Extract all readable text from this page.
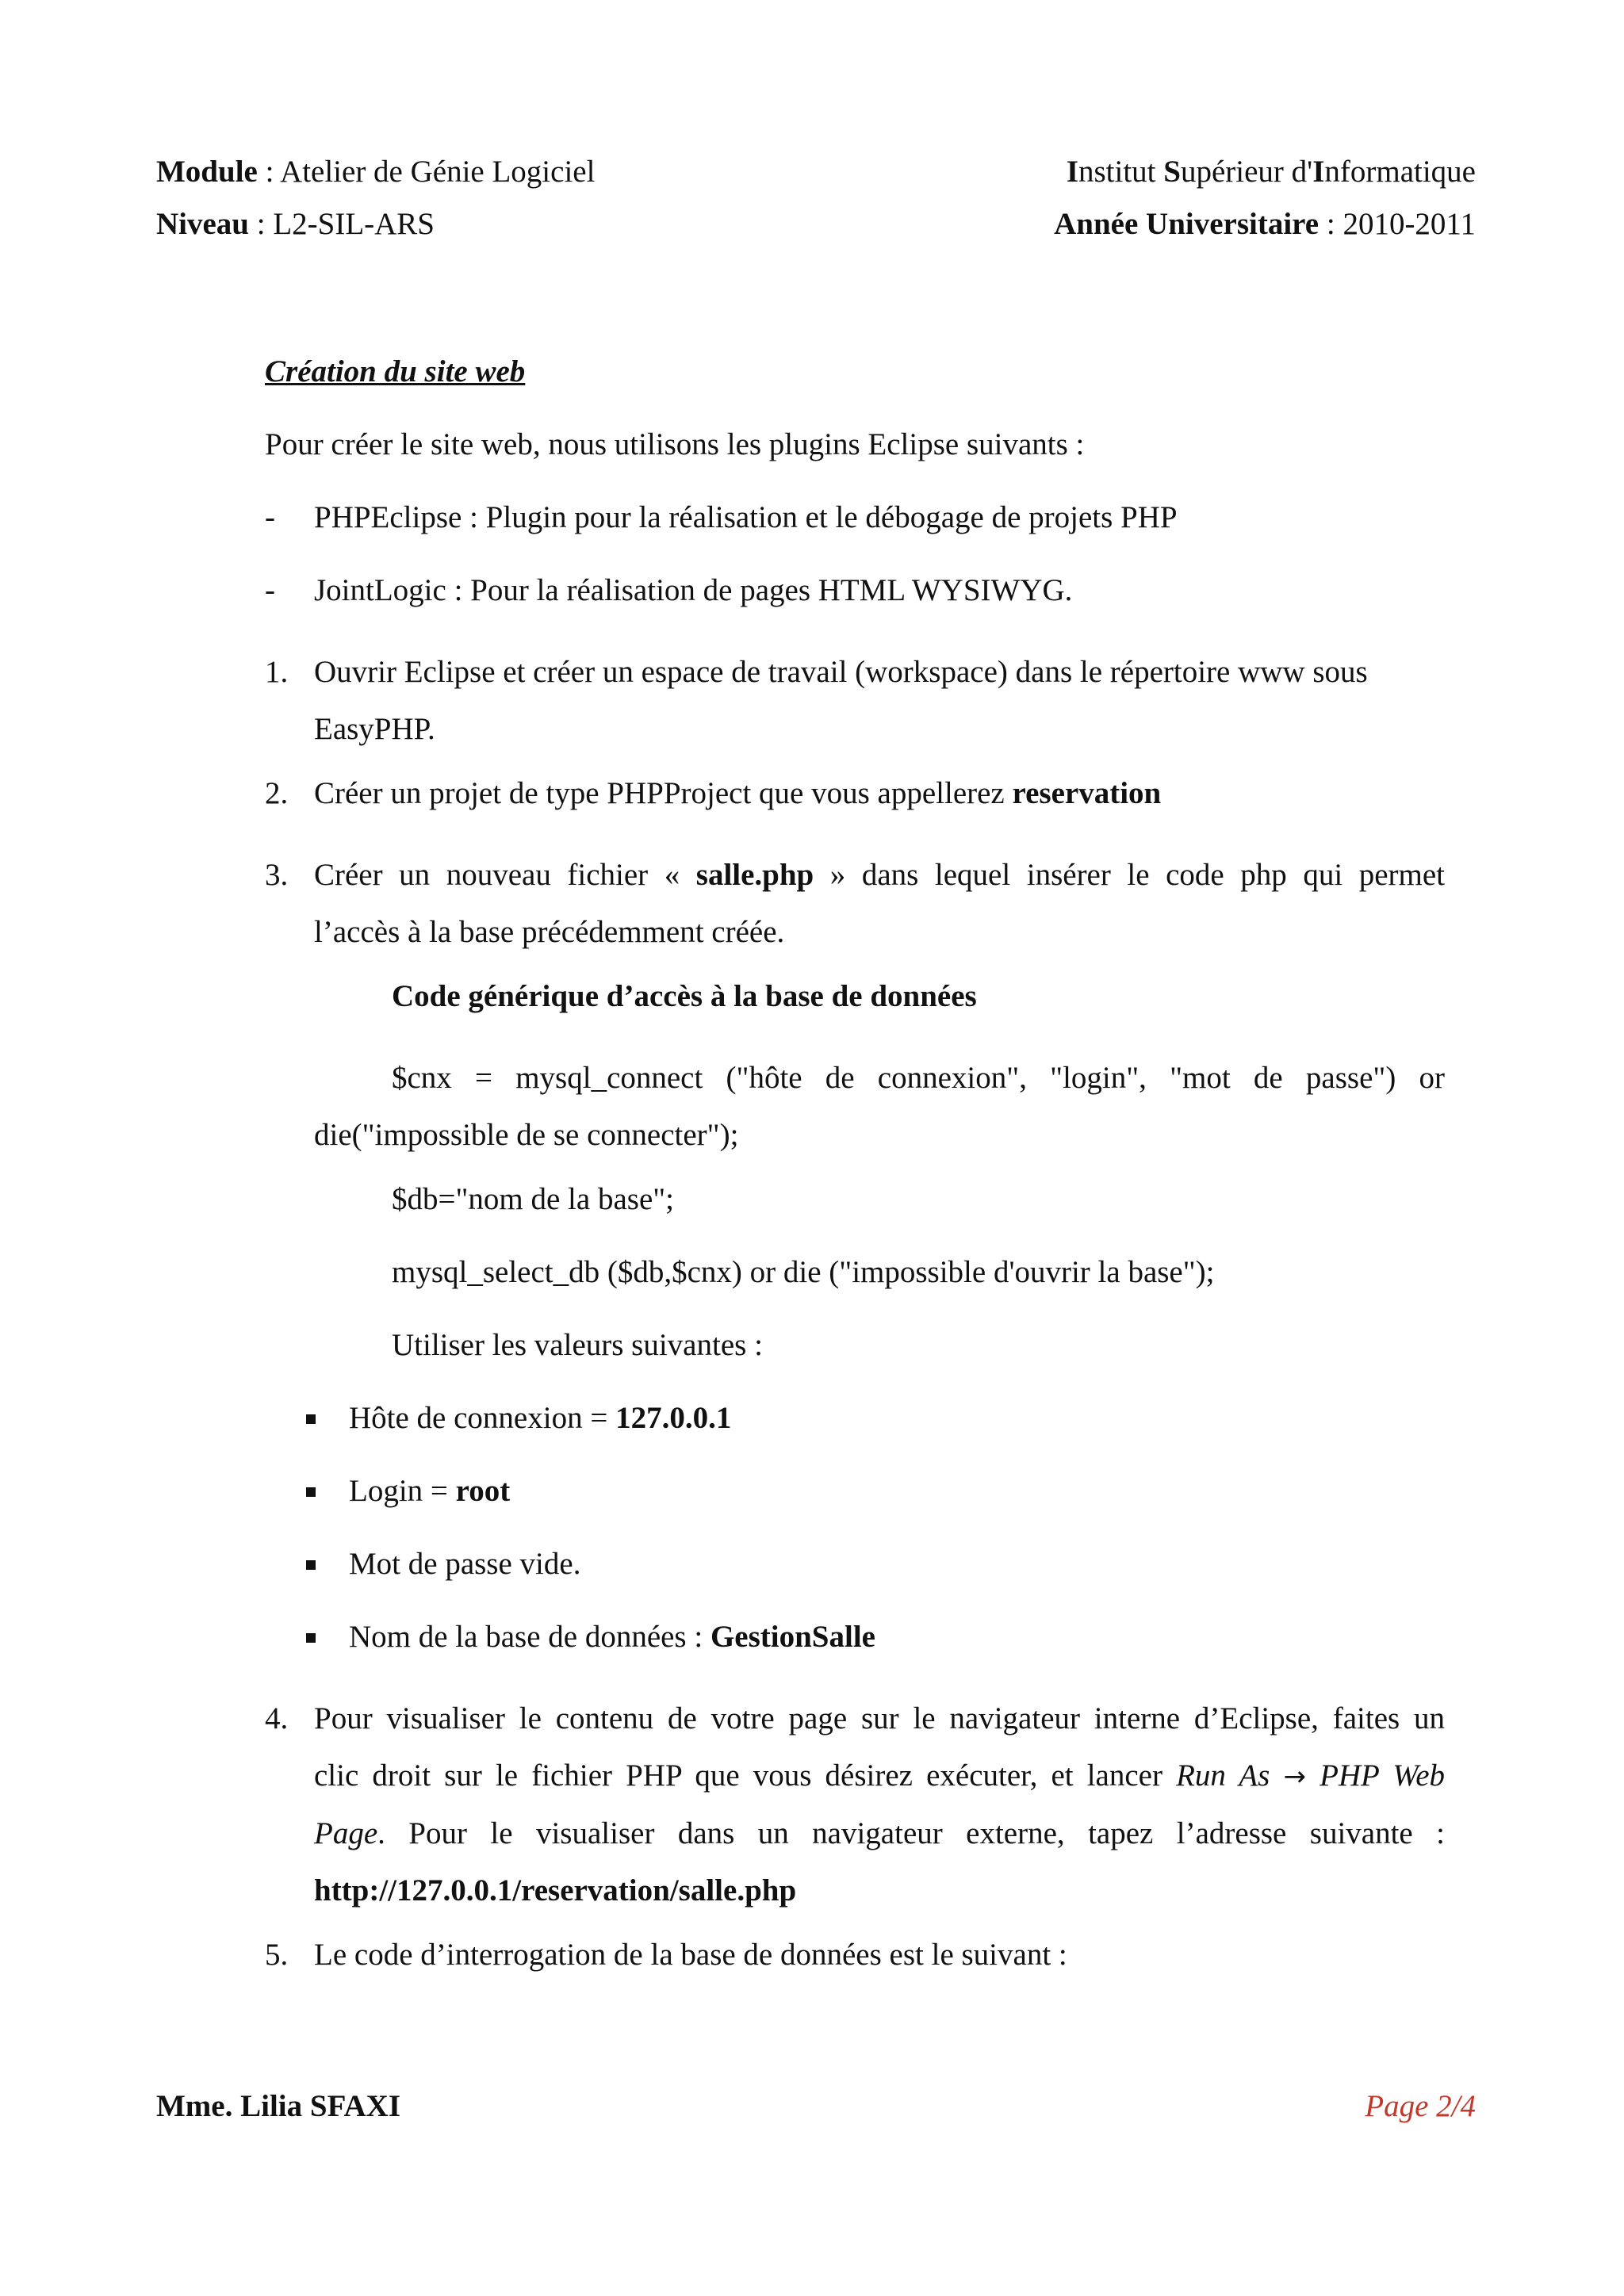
Module : Atelier de Génie Logiciel
Niveau : L2-SIL-ARS
Institut Supérieur d'Informatique
Année Universitaire : 2010-2011
Création du site web
Pour créer le site web, nous utilisons les plugins Eclipse suivants :
- PHPEclipse : Plugin pour la réalisation et le débogage de projets PHP
- JointLogic : Pour la réalisation de pages HTML WYSIWYG.
1. Ouvrir Eclipse et créer un espace de travail (workspace) dans le répertoire www sous
EasyPHP.
2. Créer un projet de type PHPProject que vous appellerez reservation
3. Créer un nouveau fichier « salle.php » dans lequel insérer le code php qui permet
l’accès à la base précédemment créée.
Code générique d’accès à la base de données
$cnx = mysql_connect ("hôte de connexion", "login", "mot de passe") or
die("impossible de se connecter");
$db="nom de la base";
mysql_select_db ($db,$cnx) or die ("impossible d'ouvrir la base");
Utiliser les valeurs suivantes :
Hôte de connexion = 127.0.0.1
Login = root
Mot de passe vide.
Nom de la base de données : GestionSalle
4. Pour visualiser le contenu de votre page sur le navigateur interne d’Eclipse, faites un
clic droit sur le fichier PHP que vous désirez exécuter, et lancer Run As → PHP Web
Page. Pour le visualiser dans un navigateur externe, tapez l’adresse suivante :
http://127.0.0.1/reservation/salle.php
5. Le code d’interrogation de la base de données est le suivant :
Mme. Lilia SFAXI	Page 2/4
